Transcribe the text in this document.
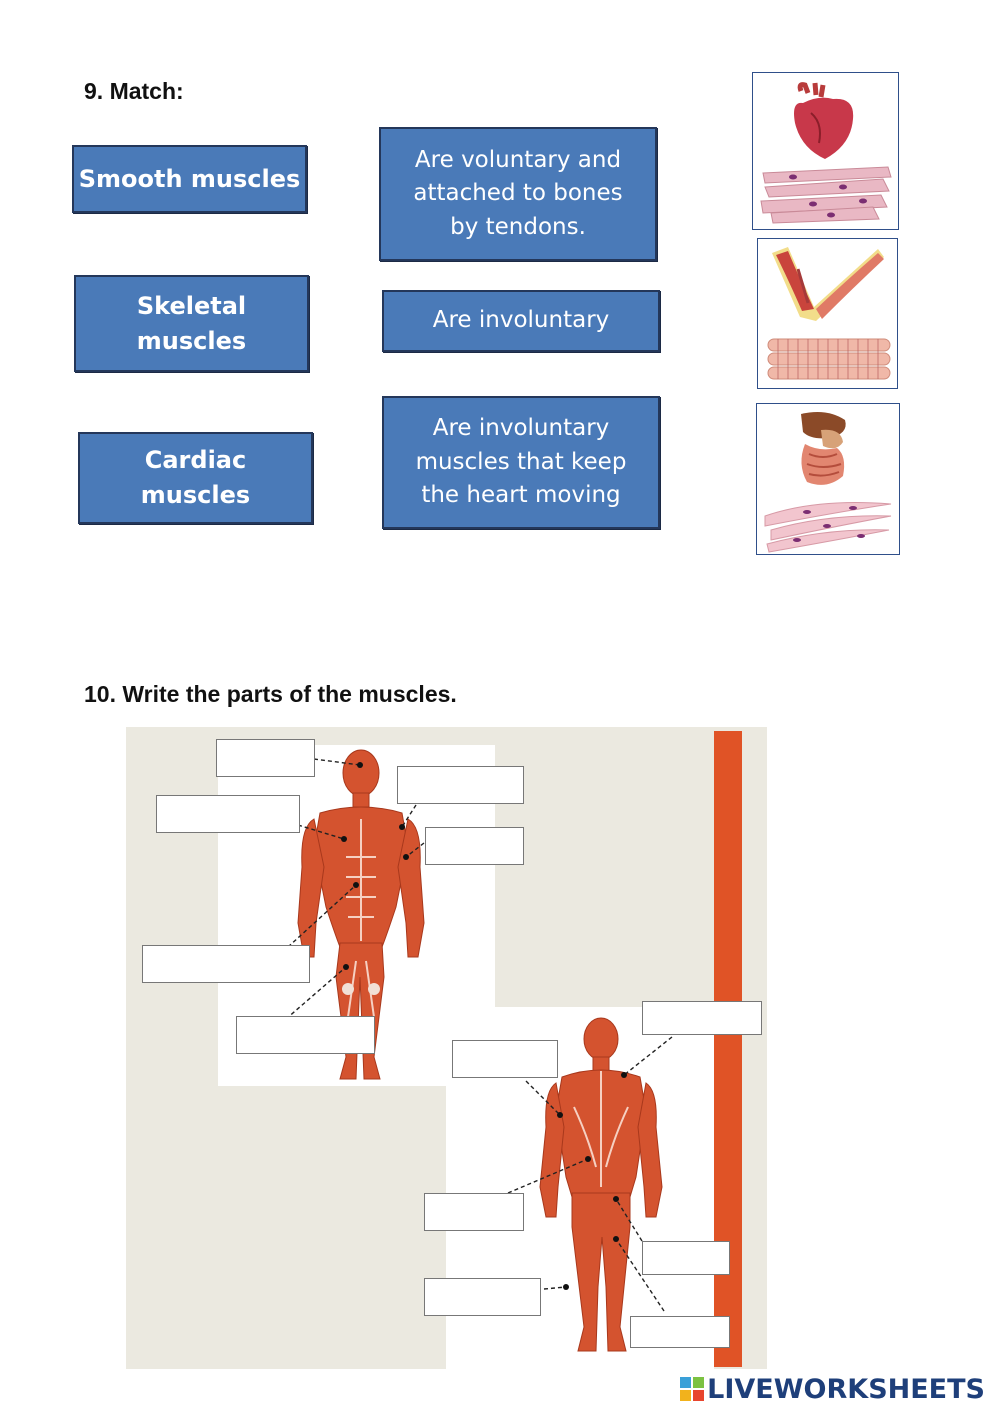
9. Match:
Smooth muscles
Skeletal muscles
Cardiac muscles
Are voluntary and attached to bones by tendons.
Are involuntary
Are involuntary muscles that keep the heart moving
10. Write the parts of the muscles.
LIVEWORKSHEETS
